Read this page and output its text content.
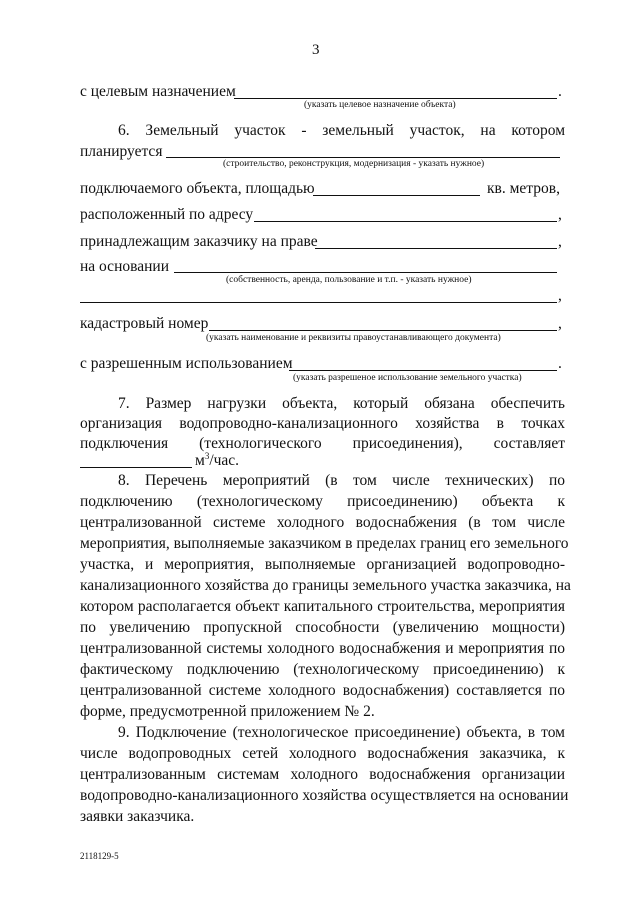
3
с целевым назначением	.
(указать целевое назначение объекта)
6. Земельный участок - земельный участок, на котором
планируется
(строительство, реконструкция, модернизация - указать нужное)
подключаемого объекта, площадью	кв. метров,
расположенный по адресу	,
принадлежащим заказчику на праве	,
на основании
(собственность, аренда, пользование и т.п. - указать нужное)
,
кадастровый номер	,
(указать наименование и реквизиты правоустанавливающего документа)
с разрешенным использованием	.
(указать разрешеное использование земельного участка)
7. Размер нагрузки объекта, который обязана обеспечить
организация водопроводно-канализационного хозяйства в точках
подключения (технологического присоединения), составляет
$м^3$/час.
8. Перечень мероприятий (в том числе технических) по
подключению (технологическому присоединению) объекта к
централизованной системе холодного водоснабжения (в том числе
мероприятия, выполняемые заказчиком в пределах границ его земельного
участка, и мероприятия, выполняемые организацией водопроводно-
канализационного хозяйства до границы земельного участка заказчика, на
котором располагается объект капитального строительства, мероприятия
по увеличению пропускной способности (увеличению мощности)
централизованной системы холодного водоснабжения и мероприятия по
фактическому подключению (технологическому присоединению) к
централизованной системе холодного водоснабжения) составляется по
форме, предусмотренной приложением № 2.
9. Подключение (технологическое присоединение) объекта, в том
числе водопроводных сетей холодного водоснабжения заказчика, к
централизованным системам холодного водоснабжения организации
водопроводно-канализационного хозяйства осуществляется на основании
заявки заказчика.
2118129-5
